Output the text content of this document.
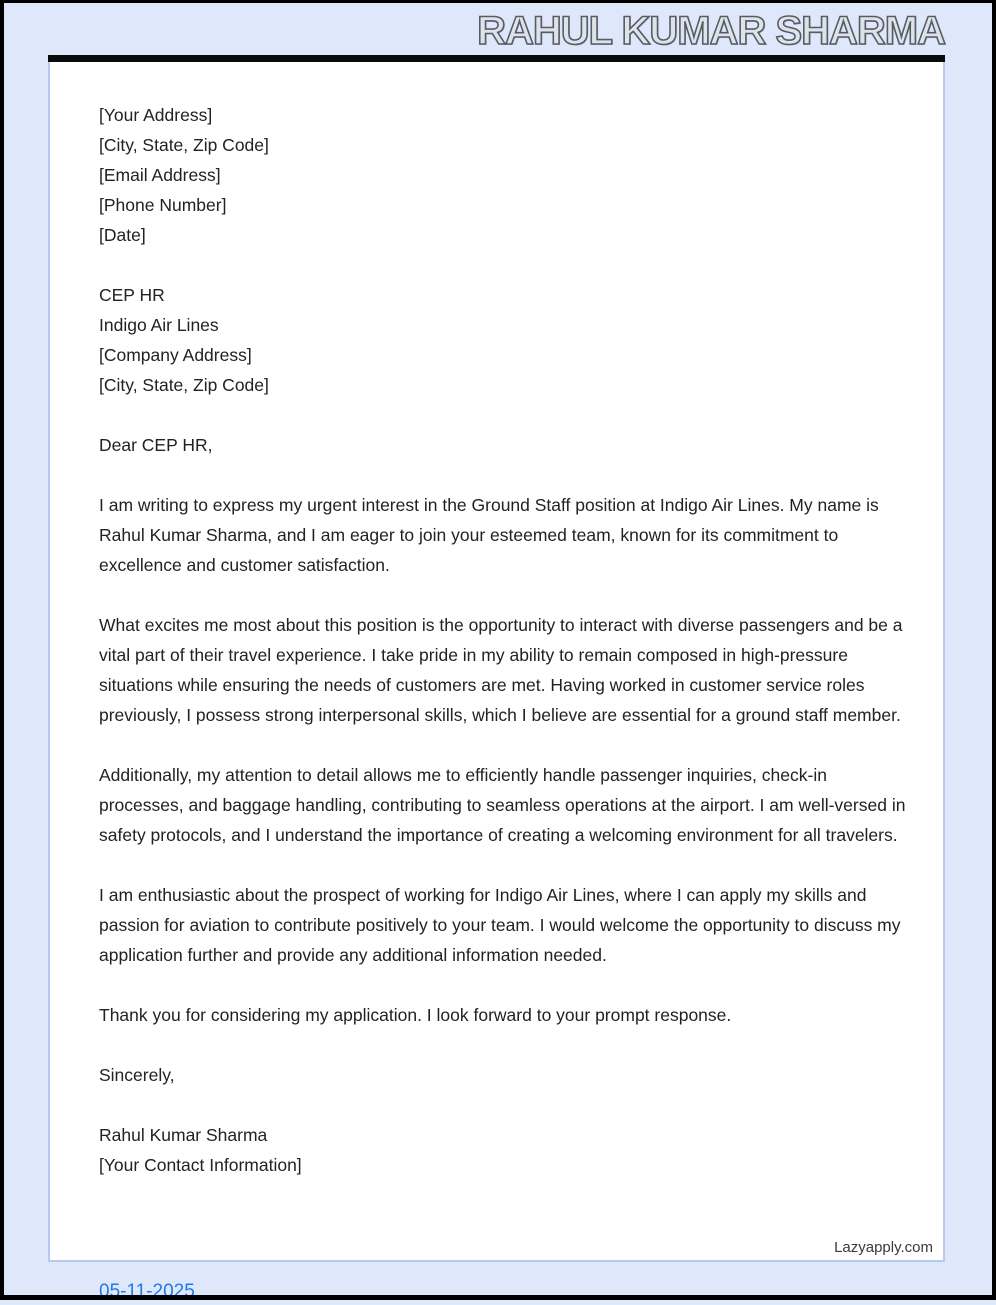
RAHUL KUMAR SHARMA
[Your Address]
[City, State, Zip Code]
[Email Address]
[Phone Number]
[Date]
CEP HR
Indigo Air Lines
[Company Address]
[City, State, Zip Code]
Dear CEP HR,

I am writing to express my urgent interest in the Ground Staff position at Indigo Air Lines. My name is Rahul Kumar Sharma, and I am eager to join your esteemed team, known for its commitment to excellence and customer satisfaction.

What excites me most about this position is the opportunity to interact with diverse passengers and be a vital part of their travel experience. I take pride in my ability to remain composed in high-pressure situations while ensuring the needs of customers are met. Having worked in customer service roles previously, I possess strong interpersonal skills, which I believe are essential for a ground staff member.

Additionally, my attention to detail allows me to efficiently handle passenger inquiries, check-in processes, and baggage handling, contributing to seamless operations at the airport. I am well-versed in safety protocols, and I understand the importance of creating a welcoming environment for all travelers.

I am enthusiastic about the prospect of working for Indigo Air Lines, where I can apply my skills and passion for aviation to contribute positively to your team. I would welcome the opportunity to discuss my application further and provide any additional information needed.

Thank you for considering my application. I look forward to your prompt response.

Sincerely,
Rahul Kumar Sharma
[Your Contact Information]
Lazyapply.com
05-11-2025
